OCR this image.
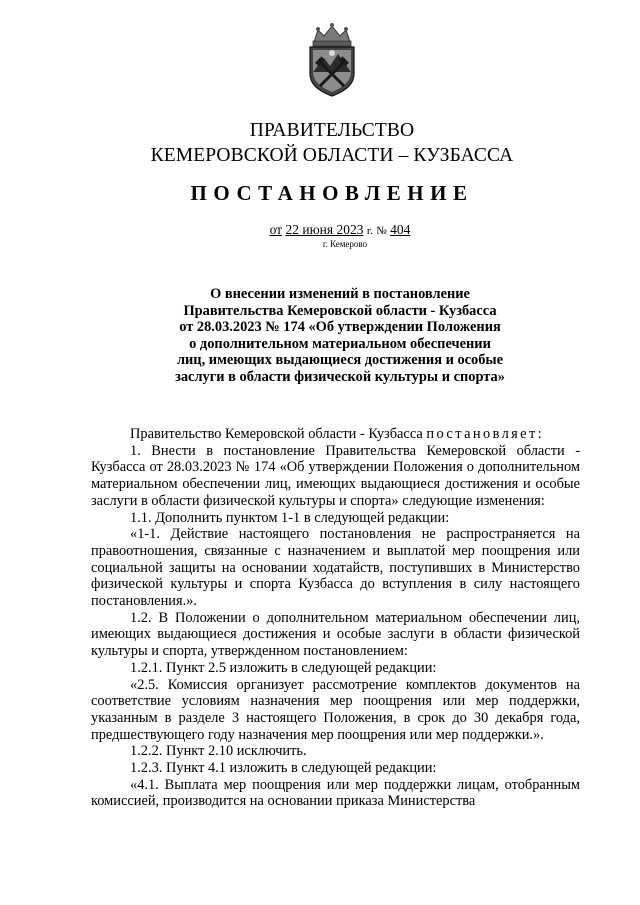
ПРАВИТЕЛЬСТВО
КЕМЕРОВСКОЙ ОБЛАСТИ – КУЗБАССА
ПОСТАНОВЛЕНИЕ
от 22 июня 2023 г. № 404
г. Кемерово
О внесении изменений в постановление
Правительства Кемеровской области - Кузбасса
от 28.03.2023 № 174 «Об утверждении Положения
о дополнительном материальном обеспечении
лиц, имеющих выдающиеся достижения и особые
заслуги в области физической культуры и спорта»

Правительство Кемеровской области - Кузбасса постановляет:

1. Внести в постановление Правительства Кемеровской области - Кузбасса от 28.03.2023 № 174 «Об утверждении Положения о дополнительном материальном обеспечении лиц, имеющих выдающиеся достижения и особые заслуги в области физической культуры и спорта» следующие изменения:

1.1. Дополнить пунктом 1-1 в следующей редакции:

«1-1. Действие настоящего постановления не распространяется на правоотношения, связанные с назначением и выплатой мер поощрения или социальной защиты на основании ходатайств, поступивших в Министерство физической культуры и спорта Кузбасса до вступления в силу настоящего постановления.».

1.2. В Положении о дополнительном материальном обеспечении лиц, имеющих выдающиеся достижения и особые заслуги в области физической культуры и спорта, утвержденном постановлением:

1.2.1. Пункт 2.5 изложить в следующей редакции:

«2.5. Комиссия организует рассмотрение комплектов документов на соответствие условиям назначения мер поощрения или мер поддержки, указанным в разделе 3 настоящего Положения, в срок до 30 декабря года, предшествующего году назначения мер поощрения или мер поддержки.».

1.2.2. Пункт 2.10 исключить.

1.2.3. Пункт 4.1 изложить в следующей редакции:

«4.1. Выплата мер поощрения или мер поддержки лицам, отобранным комиссией, производится на основании приказа Министерства
